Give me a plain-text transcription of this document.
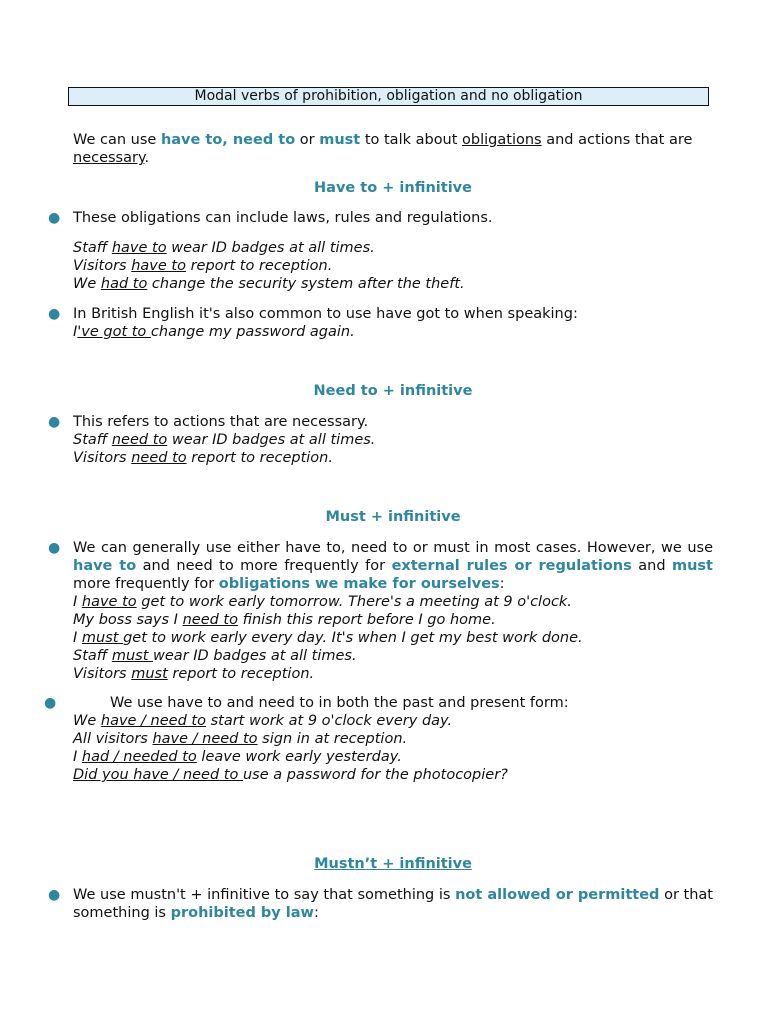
Modal verbs of prohibition, obligation and no obligation
We can use have to, need to or must to talk about obligations and actions that are
necessary.
Have to + infinitive
● These obligations can include laws, rules and regulations.
Staff have to wear ID badges at all times.
Visitors have to report to reception.
We had to change the security system after the theft.
● In British English it's also common to use have got to when speaking:
I've got to change my password again.
Need to + infinitive
● This refers to actions that are necessary.
Staff need to wear ID badges at all times.
Visitors need to report to reception.
Must + infinitive
● We can generally use either have to, need to or must in most cases. However, we use
have to and need to more frequently for external rules or regulations and must
more frequently for obligations we make for ourselves:
I have to get to work early tomorrow. There's a meeting at 9 o'clock.
My boss says I need to finish this report before I go home.
I must get to work early every day. It's when I get my best work done.
Staff must wear ID badges at all times.
Visitors must report to reception.
●	We use have to and need to in both the past and present form:
We have / need to start work at 9 o'clock every day.
All visitors have / need to sign in at reception.
I had / needed to leave work early yesterday.
Did you have / need to use a password for the photocopier?
Mustn’t + infinitive
● We use mustn't + infinitive to say that something is not allowed or permitted or that
something is prohibited by law:
